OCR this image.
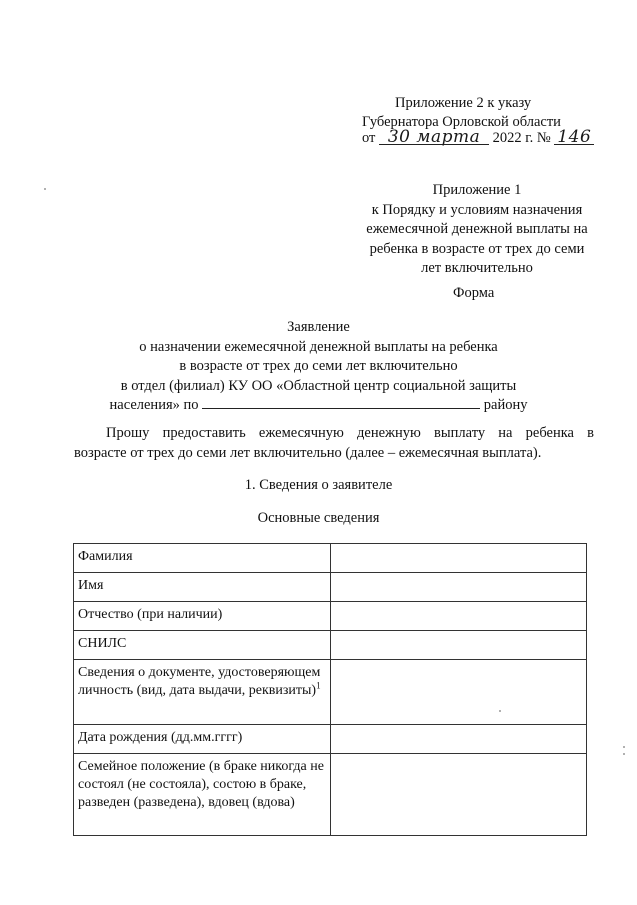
Приложение 2 к указу
Губернатора Орловской области
от 30 марта 2022 г. № 146
Приложение 1
к Порядку и условиям назначения
ежемесячной денежной выплаты на
ребенка в возрасте от трех до семи
лет включительно
Форма
Заявление
о назначении ежемесячной денежной выплаты на ребенка
в возрасте от трех до семи лет включительно
в отдел (филиал) КУ ОО «Областной центр социальной защиты
населения» по	району
Прошу предоставить ежемесячную денежную выплату на ребенка в
возрасте от трех до семи лет включительно (далее – ежемесячная выплата).
1. Сведения о заявителе
Основные сведения
Фамилия	
Имя	
Отчество (при наличии)	
СНИЛС	
Сведения о документе, удостоверяющем личность (вид, дата выдачи, реквизиты)$^1$	
Дата рождения (дд.мм.гггг)	
Семейное положение (в браке никогда не состоял (не состояла), состою в браке, разведен (разведена), вдовец (вдова)	
